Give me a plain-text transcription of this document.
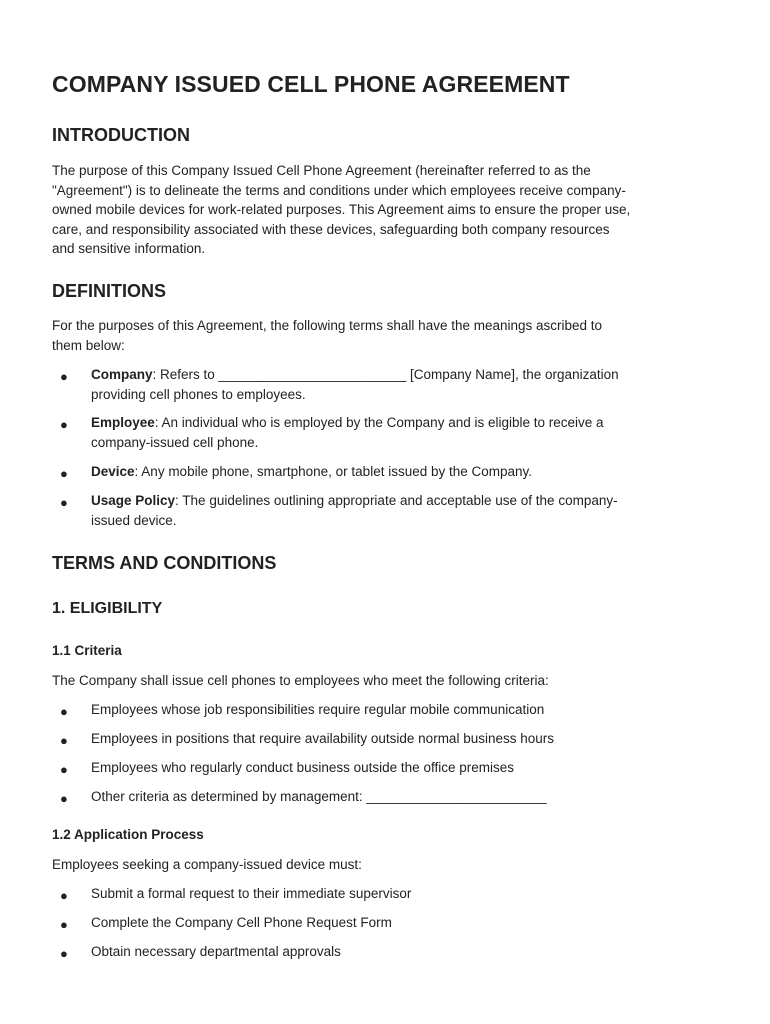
COMPANY ISSUED CELL PHONE AGREEMENT
INTRODUCTION
The purpose of this Company Issued Cell Phone Agreement (hereinafter referred to as the
"Agreement") is to delineate the terms and conditions under which employees receive company-
owned mobile devices for work-related purposes. This Agreement aims to ensure the proper use,
care, and responsibility associated with these devices, safeguarding both company resources
and sensitive information.
DEFINITIONS
For the purposes of this Agreement, the following terms shall have the meanings ascribed to
them below:
● Company: Refers to _________________________ [Company Name], the organization
providing cell phones to employees.
● Employee: An individual who is employed by the Company and is eligible to receive a
company-issued cell phone.
● Device: Any mobile phone, smartphone, or tablet issued by the Company.
● Usage Policy: The guidelines outlining appropriate and acceptable use of the company-
issued device.
TERMS AND CONDITIONS
1. ELIGIBILITY
1.1 Criteria
The Company shall issue cell phones to employees who meet the following criteria:
● Employees whose job responsibilities require regular mobile communication
● Employees in positions that require availability outside normal business hours
● Employees who regularly conduct business outside the office premises
● Other criteria as determined by management: ________________________
1.2 Application Process
Employees seeking a company-issued device must:
● Submit a formal request to their immediate supervisor
● Complete the Company Cell Phone Request Form
● Obtain necessary departmental approvals
